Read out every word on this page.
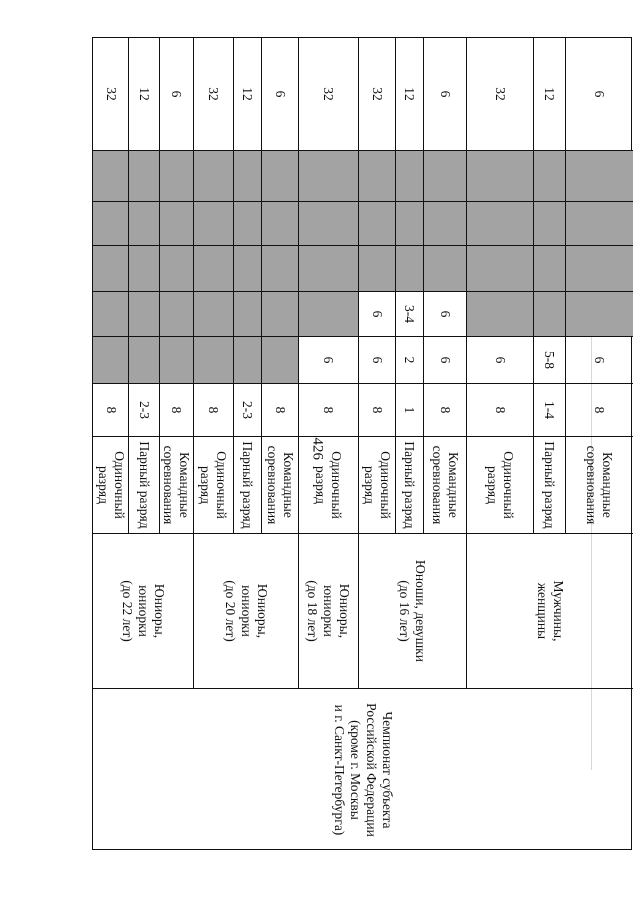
426
8
Одиночный
разряд
32
2-3
Парный разряд
12
8
Командные
соревнования
6
Юниоры,
юниорки
(до 22 лет)
8
Одиночный
разряд
32
2-3
Парный разряд
12
8
Командные
соревнования
6
Юниоры,
юниорки
(до 20 лет)
8
6
Одиночный
разряд
32
Юниоры,
юниорки
(до 18 лет)
8
6
6
Одиночный
разряд
32
1
2
3-4
Парный разряд
12
8
6
6
Командные
соревнования
6
Юноши, девушки
(до 16 лет)
8
6
Одиночный
разряд
32
1-4
5-8
Парный разряд
12
8
6
Командные
соревнования
6
Мужчины,
женщины
Чемпионат субъекта
Российской Федерации
(кроме г. Москвы
и г. Санкт-Петербурга)
